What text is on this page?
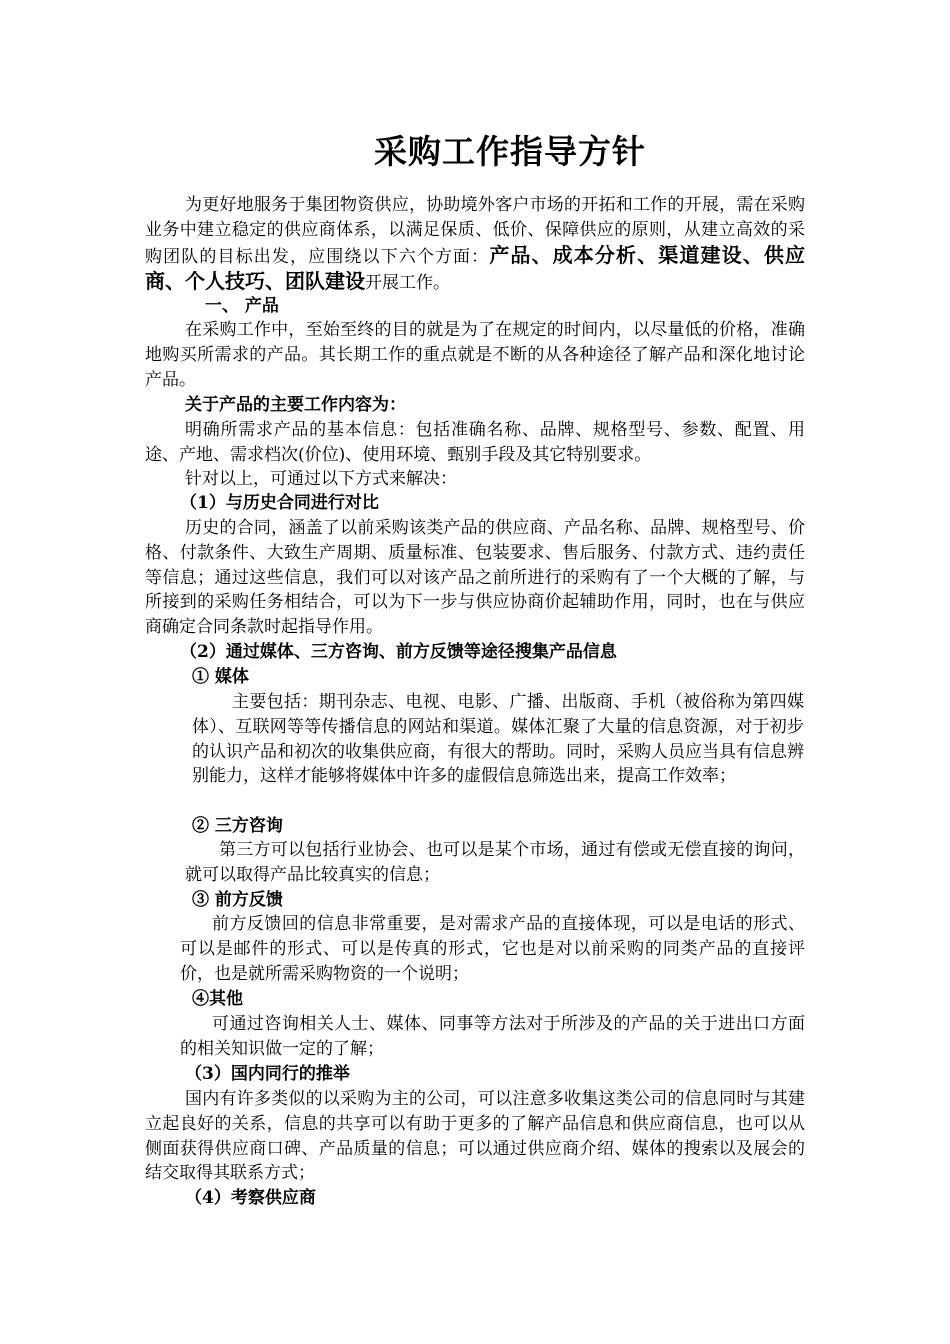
采购工作指导方针

为更好地服务于集团物资供应，协助境外客户市场的开拓和工作的开展，需在采购业务中建立稳定的供应商体系，以满足保质、低价、保障供应的原则，从建立高效的采购团队的目标出发，应围绕以下六个方面：产品、成本分析、渠道建设、供应商、个人技巧、团队建设开展工作。

一、 产品

在采购工作中，至始至终的目的就是为了在规定的时间内，以尽量低的价格，准确地购买所需求的产品。其长期工作的重点就是不断的从各种途径了解产品和深化地讨论产品。

关于产品的主要工作内容为：

明确所需求产品的基本信息：包括准确名称、品牌、规格型号、参数、配置、用途、产地、需求档次(价位)、使用环境、甄别手段及其它特别要求。

针对以上，可通过以下方式来解决：

（1）与历史合同进行对比

历史的合同，涵盖了以前采购该类产品的供应商、产品名称、品牌、规格型号、价格、付款条件、大致生产周期、质量标准、包装要求、售后服务、付款方式、违约责任等信息；通过这些信息，我们可以对该产品之前所进行的采购有了一个大概的了解，与所接到的采购任务相结合，可以为下一步与供应协商价起辅助作用，同时，也在与供应商确定合同条款时起指导作用。

（2）通过媒体、三方咨询、前方反馈等途径搜集产品信息

① 媒体

主要包括：期刊杂志、电视、电影、广播、出版商、手机（被俗称为第四媒体）、互联网等等传播信息的网站和渠道。媒体汇聚了大量的信息资源，对于初步的认识产品和初次的收集供应商，有很大的帮助。同时，采购人员应当具有信息辨别能力，这样才能够将媒体中许多的虚假信息筛选出来，提高工作效率；

② 三方咨询

第三方可以包括行业协会、也可以是某个市场，通过有偿或无偿直接的询问，就可以取得产品比较真实的信息；

③ 前方反馈

前方反馈回的信息非常重要，是对需求产品的直接体现，可以是电话的形式、可以是邮件的形式、可以是传真的形式，它也是对以前采购的同类产品的直接评价，也是就所需采购物资的一个说明；

④其他

可通过咨询相关人士、媒体、同事等方法对于所涉及的产品的关于进出口方面的相关知识做一定的了解；

（3）国内同行的推举

国内有许多类似的以采购为主的公司，可以注意多收集这类公司的信息同时与其建立起良好的关系，信息的共享可以有助于更多的了解产品信息和供应商信息，也可以从侧面获得供应商口碑、产品质量的信息；可以通过供应商介绍、媒体的搜索以及展会的结交取得其联系方式；

（4）考察供应商
